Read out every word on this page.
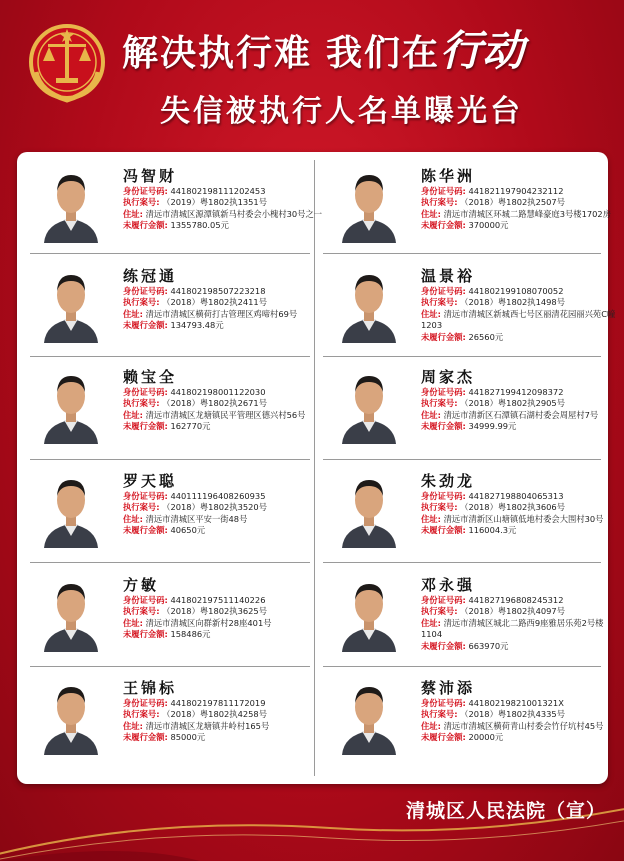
解决执行难 我们在行动
失信被执行人名单曝光台
冯智财
身份证号码: 441802198111202453
执行案号: （2019）粤1802执1351号
住址: 清远市清城区源潭镇新马村委会小槐村30号之一
未履行金额: 1355780.05元
陈华洲
身份证号码: 441821197904232112
执行案号: （2018）粤1802执2507号
住址: 清远市清城区环城二路慧峰豪庭3号楼1702房
未履行金额: 370000元
练冠通
身份证号码: 441802198507223218
执行案号: （2018）粤1802执2411号
住址: 清远市清城区横荷打古管理区鸡啼村69号
未履行金额: 134793.48元
温景裕
身份证号码: 441802199108070052
执行案号: （2018）粤1802执1498号
住址: 清远市清城区新城西七号区丽清花园丽兴苑C幢1203
未履行金额: 26560元
赖宝全
身份证号码: 441802198001122030
执行案号: （2018）粤1802执2671号
住址: 清远市清城区龙塘镇民平管理区德兴村56号
未履行金额: 162770元
周家杰
身份证号码: 441827199412098372
执行案号: （2018）粤1802执2905号
住址: 清远市清新区石潭镇石湖村委会周屋村7号
未履行金额: 34999.99元
罗天聪
身份证号码: 440111196408260935
执行案号: （2018）粤1802执3520号
住址: 清远市清城区平安一街48号
未履行金额: 40650元
朱劲龙
身份证号码: 441827198804065313
执行案号: （2018）粤1802执3606号
住址: 清远市清新区山塘镇低地村委会大围村30号
未履行金额: 116004.3元
方敏
身份证号码: 441802197511140226
执行案号: （2018）粤1802执3625号
住址: 清远市清城区向群新村28座401号
未履行金额: 158486元
邓永强
身份证号码: 441827196808245312
执行案号: （2018）粤1802执4097号
住址: 清远市清城区城北二路西9座雅居乐苑2号楼1104
未履行金额: 663970元
王锦标
身份证号码: 441802197811172019
执行案号: （2018）粤1802执4258号
住址: 清远市清城区龙塘镇井岭村165号
未履行金额: 85000元
蔡沛添
身份证号码: 44180219821001321X
执行案号: （2018）粤1802执4335号
住址: 清远市清城区横荷青山村委会竹仔坑村45号
未履行金额: 20000元
清城区人民法院（宣）
